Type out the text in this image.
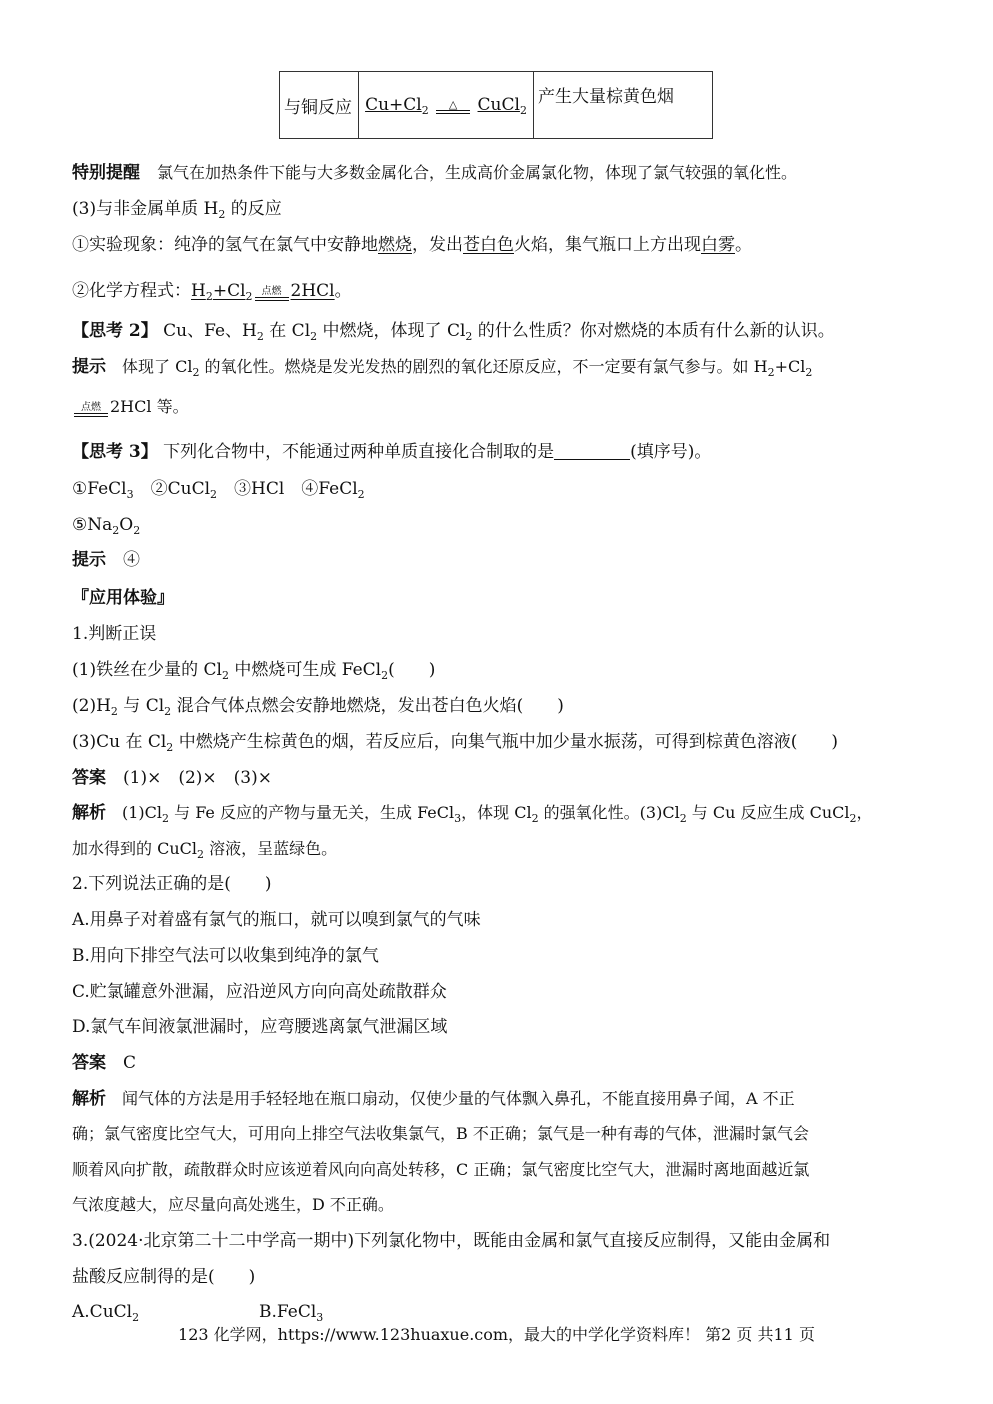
与铜反应	$Cu+Cl_2$ △ CuCl$_2$	产生大量棕黄色烟
特别提醒　 氯气在加热条件下能与大多数金属化合，生成高价金属氯化物，体现了氯气较强的氧化性。
(3)与非金属单质 $H_2$ 的反应
①实验现象：纯净的氢气在氯气中安静地燃烧，发出苍白色火焰，集气瓶口上方出现白雾。
②化学方程式：$H_2+Cl_2$ 点燃 2HCl。
【思考 2】 Cu、Fe、$H_2$ 在 $Cl_2$ 中燃烧，体现了 $Cl_2$ 的什么性质？你对燃烧的本质有什么新的认识。
提示　体现了 $Cl_2$ 的氧化性。燃烧是发光发热的剧烈的氧化还原反应，不一定要有氯气参与。如 $H_2+Cl_2$
点燃 2HCl 等。
【思考 3】 下列化合物中，不能通过两种单质直接化合制取的是	(填序号)。
①FeCl$_3$　②CuCl$_2$　③HCl　④FeCl$_2$
$⑤Na_2O_2$
提示　④
『应用体验』
1.判断正误
(1)铁丝在少量的 $Cl_2$ 中燃烧可生成 FeCl$_2$(　　)
$(2)H_2$ 与 $Cl_2$ 混合气体点燃会安静地燃烧，发出苍白色火焰(　　)
(3)Cu 在 $Cl_2$ 中燃烧产生棕黄色的烟，若反应后，向集气瓶中加少量水振荡，可得到棕黄色溶液(　　)
答案　(1)×　(2)×　(3)×
解析　$(1)Cl_2$ 与 Fe 反应的产物与量无关，生成 FeCl$_3$，体现 $Cl_2$ 的强氧化性。$(3)Cl_2$ 与 Cu 反应生成 CuCl$_2$，
加水得到的 CuCl$_2$ 溶液，呈蓝绿色。
2.下列说法正确的是(　　)
A.用鼻子对着盛有氯气的瓶口，就可以嗅到氯气的气味
B.用向下排空气法可以收集到纯净的氯气
C.贮氯罐意外泄漏，应沿逆风方向向高处疏散群众
D.氯气车间液氯泄漏时，应弯腰逃离氯气泄漏区域
答案　C
解析　闻气体的方法是用手轻轻地在瓶口扇动，仅使少量的气体飘入鼻孔，不能直接用鼻子闻，A 不正
确；氯气密度比空气大，可用向上排空气法收集氯气，B 不正确；氯气是一种有毒的气体，泄漏时氯气会
顺着风向扩散，疏散群众时应该逆着风向向高处转移，C 正确；氯气密度比空气大，泄漏时离地面越近氯
气浓度越大，应尽量向高处逃生，D 不正确。
3.(2024·北京第二十二中学高一期中)下列氯化物中，既能由金属和氯气直接反应制得，又能由金属和
盐酸反应制得的是(　　)
A.CuCl$_2$	B.FeCl$_3$
123 化学网，https://www.123huaxue.com，最大的中学化学资料库！ 第2 页 共11 页
